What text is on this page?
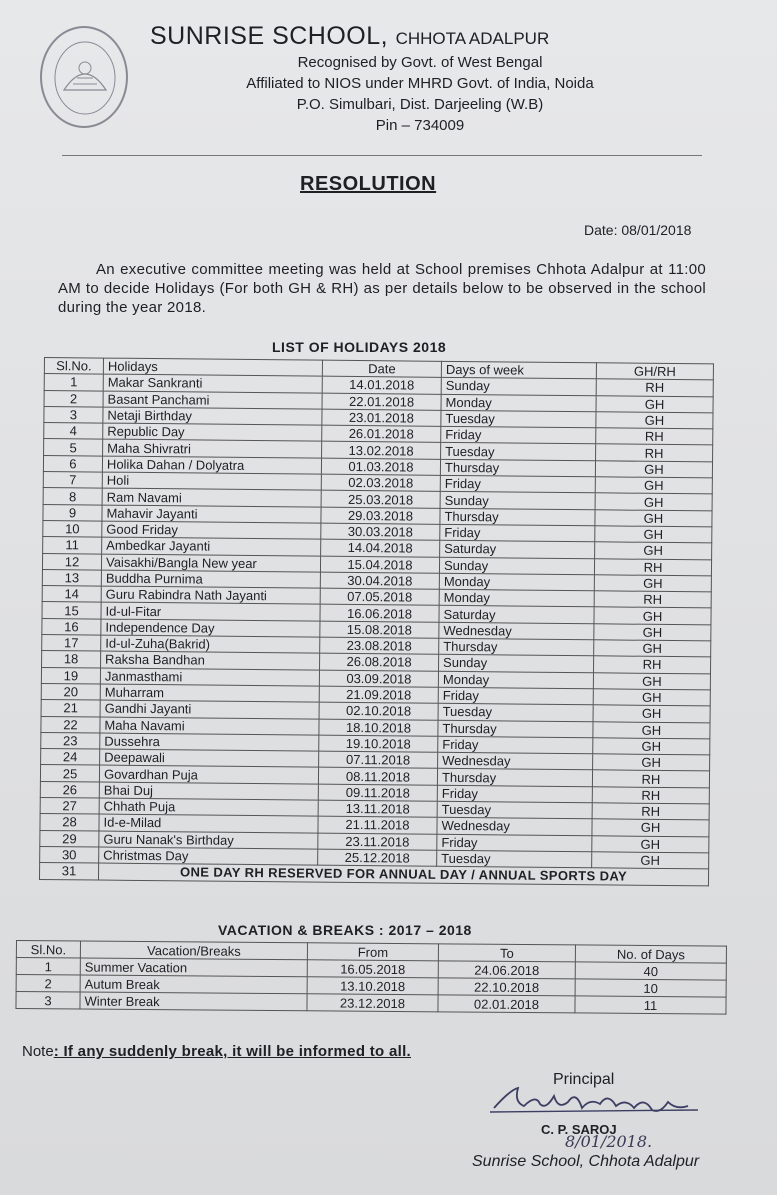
SUNRISE SCHOOL, CHHOTA ADALPUR
Recognised by Govt. of West Bengal
Affiliated to NIOS under MHRD Govt. of India, Noida
P.O. Simulbari, Dist. Darjeeling (W.B)
Pin – 734009
RESOLUTION
Date: 08/01/2018
An executive committee meeting was held at School premises Chhota Adalpur at 11:00 AM to decide Holidays (For both GH & RH) as per details below to be observed in the school during the year 2018.
LIST OF HOLIDAYS 2018
Sl.No.	Holidays	Date	Days of week	GH/RH
1	Makar Sankranti	14.01.2018	Sunday	RH
2	Basant Panchami	22.01.2018	Monday	GH
3	Netaji Birthday	23.01.2018	Tuesday	GH
4	Republic Day	26.01.2018	Friday	RH
5	Maha Shivratri	13.02.2018	Tuesday	RH
6	Holika Dahan / Dolyatra	01.03.2018	Thursday	GH
7	Holi	02.03.2018	Friday	GH
8	Ram Navami	25.03.2018	Sunday	GH
9	Mahavir Jayanti	29.03.2018	Thursday	GH
10	Good Friday	30.03.2018	Friday	GH
11	Ambedkar Jayanti	14.04.2018	Saturday	GH
12	Vaisakhi/Bangla New year	15.04.2018	Sunday	RH
13	Buddha Purnima	30.04.2018	Monday	GH
14	Guru Rabindra Nath Jayanti	07.05.2018	Monday	RH
15	Id-ul-Fitar	16.06.2018	Saturday	GH
16	Independence Day	15.08.2018	Wednesday	GH
17	Id-ul-Zuha(Bakrid)	23.08.2018	Thursday	GH
18	Raksha Bandhan	26.08.2018	Sunday	RH
19	Janmasthami	03.09.2018	Monday	GH
20	Muharram	21.09.2018	Friday	GH
21	Gandhi Jayanti	02.10.2018	Tuesday	GH
22	Maha Navami	18.10.2018	Thursday	GH
23	Dussehra	19.10.2018	Friday	GH
24	Deepawali	07.11.2018	Wednesday	GH
25	Govardhan Puja	08.11.2018	Thursday	RH
26	Bhai Duj	09.11.2018	Friday	RH
27	Chhath Puja	13.11.2018	Tuesday	RH
28	Id-e-Milad	21.11.2018	Wednesday	GH
29	Guru Nanak's Birthday	23.11.2018	Friday	GH
30	Christmas Day	25.12.2018	Tuesday	GH
31	ONE DAY RH RESERVED FOR ANNUAL DAY / ANNUAL SPORTS DAY			
VACATION & BREAKS : 2017 – 2018
Sl.No.	Vacation/Breaks	From	To	No. of Days
1	Summer Vacation	16.05.2018	24.06.2018	40
2	Autum Break	13.10.2018	22.10.2018	10
3	Winter Break	23.12.2018	02.01.2018	11
Note: If any suddenly break, it will be informed to all.
Principal
C. P. SAROJ
8/01/2018.
Sunrise School, Chhota Adalpur
